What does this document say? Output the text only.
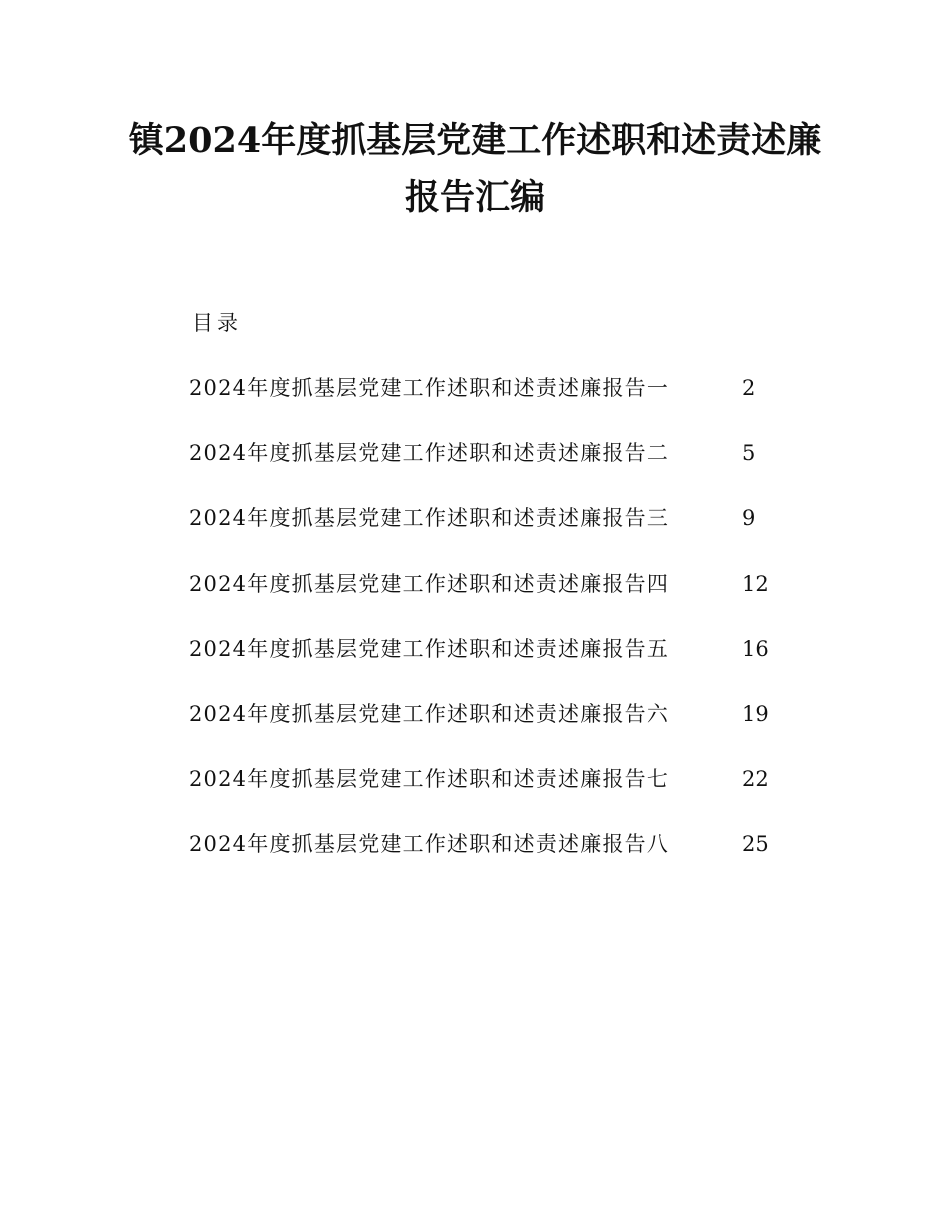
镇2024年度抓基层党建工作述职和述责述廉
报告汇编
目录
2024年度抓基层党建工作述职和述责述廉报告一	2
2024年度抓基层党建工作述职和述责述廉报告二	5
2024年度抓基层党建工作述职和述责述廉报告三	9
2024年度抓基层党建工作述职和述责述廉报告四	12
2024年度抓基层党建工作述职和述责述廉报告五	16
2024年度抓基层党建工作述职和述责述廉报告六	19
2024年度抓基层党建工作述职和述责述廉报告七	22
2024年度抓基层党建工作述职和述责述廉报告八	25
